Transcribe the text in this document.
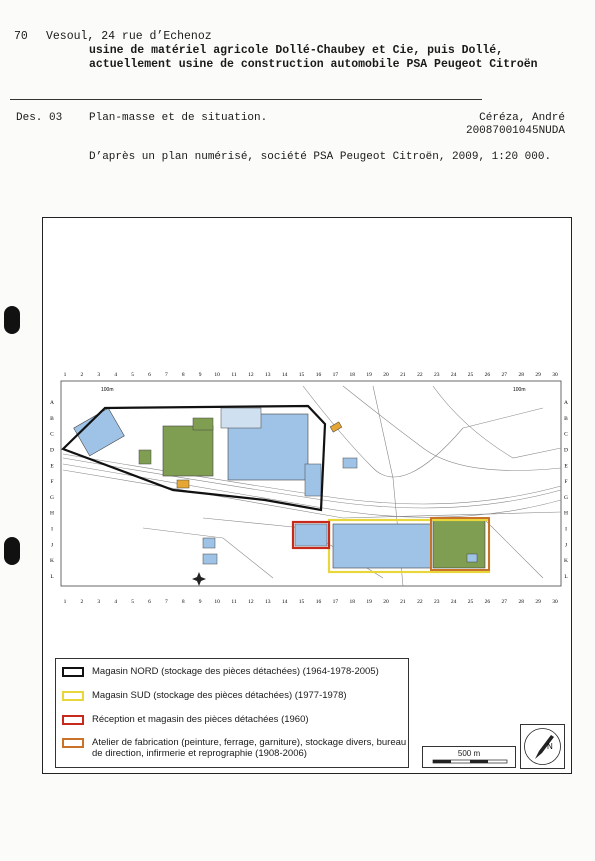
70 Vesoul, 24 rue d’Echenoz
usine de matériel agricole Dollé-Chaubey et Cie, puis Dollé, actuellement usine de construction automobile PSA Peugeot Citroën
Des. 03 Plan-masse et de situation.	Céréza, André
20087001045NUDA
D’après un plan numérisé, société PSA Peugeot Citroën, 2009, 1:20 000.
1	2	3	4	5	6	7	8	9 10 11 12 13 14 15 16 17 18 19 20 21 22 23 24 25 26 27 28 29 30
1	2	3	4	5	6	7	8	9 10 11 12 13 14 15 16 17 18 19 20 21 22 23 24 25 26 27 28 29 30
A
B
C
D
E
F
G
H
I
J
K
L
A
B
C
D
E
F
G
H
I
J
K
L
100m	100m
Magasin NORD (stockage des pièces détachées) (1964-1978-2005)
Magasin SUD (stockage des pièces détachées) (1977-1978)
Réception et magasin des pièces détachées (1960)
Atelier de fabrication (peinture, ferrage, garniture), stockage divers, bureau de direction, infirmerie et reprographie (1908-2006)	500 m
N
